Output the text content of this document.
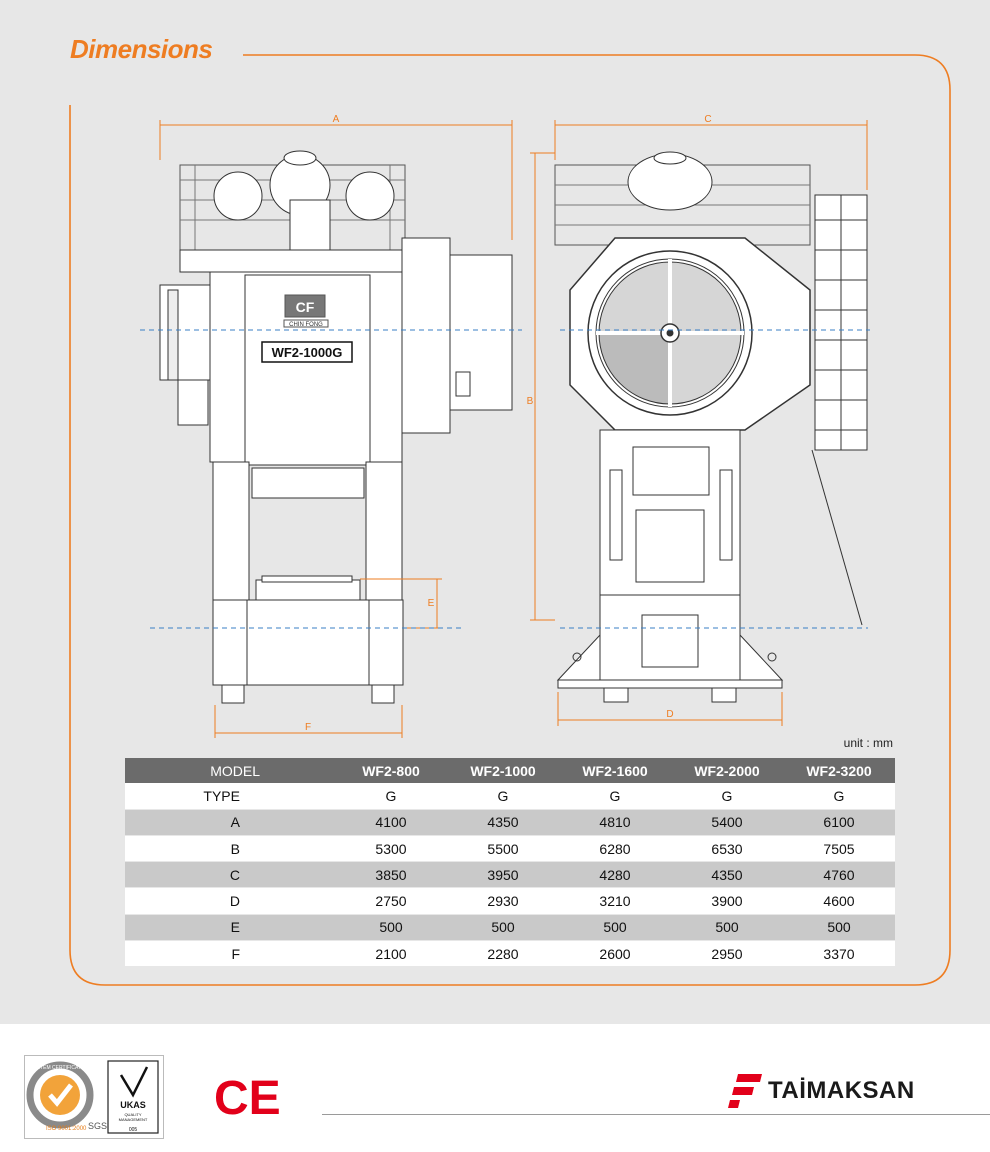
Dimensions
CF
CHIN FONG
WF2-1000G
A
F
E
C
D
B
unit : mm
MODEL	WF2-800	WF2-1000	WF2-1600	WF2-2000	WF2-3200
TYPE	G	G	G	G	G
A	4100	4350	4810	5400	6100
B	5300	5500	6280	6530	7505
C	3850	3950	4280	4350	4760
D	2750	2930	3210	3900	4600
E	500	500	500	500	500
F	2100	2280	2600	2950	3370
SYSTEM CERTIFICATION
ISO 9001:2000 SGS
UKAS
QUALITY
MANAGEMENT
005
CE	TAİMAKSAN
